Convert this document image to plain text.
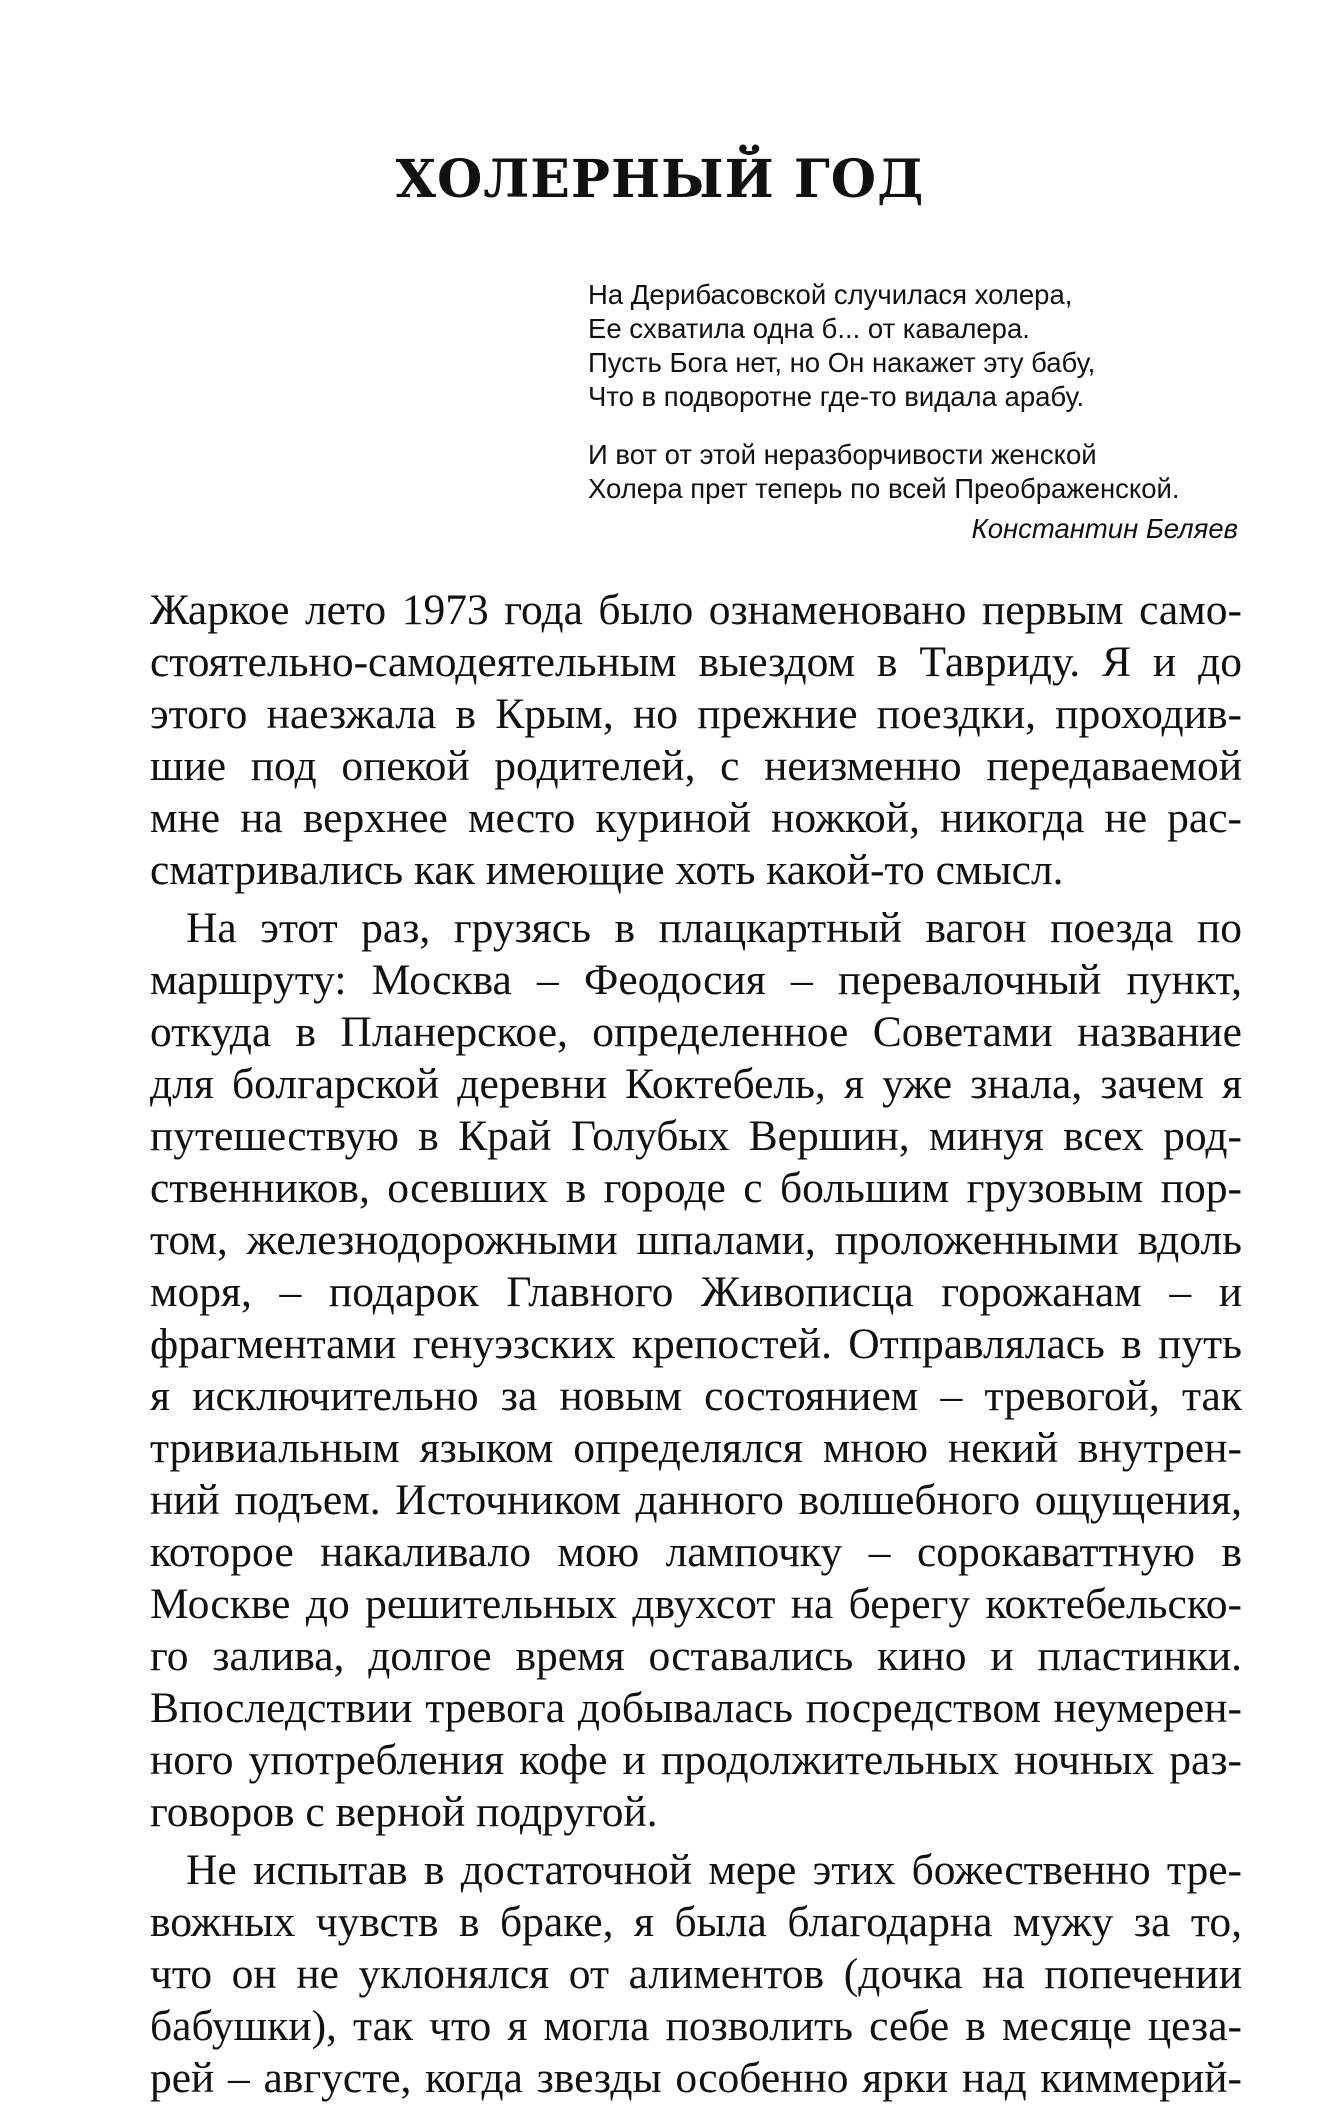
ХОЛЕРНЫЙ ГОД

На Дерибасовской случилася холера,
Ее схватила одна б... от кавалера.
Пусть Бога нет, но Он накажет эту бабу,
Что в подворотне где-то видала арабу.

И вот от этой неразборчивости женской
Холера прет теперь по всей Преображенской.

Константин Беляев

Жаркое лето 1973 года было ознаменовано первым само-
стоятельно-самодеятельным выездом в Тавриду. Я и до
этого наезжала в Крым, но прежние поездки, проходив-
шие под опекой родителей, с неизменно передаваемой
мне на верхнее место куриной ножкой, никогда не рас-
сматривались как имеющие хоть какой-то смысл.

На этот раз, грузясь в плацкартный вагон поезда по
маршруту: Москва – Феодосия – перевалочный пункт,
откуда в Планерское, определенное Советами название
для болгарской деревни Коктебель, я уже знала, зачем я
путешествую в Край Голубых Вершин, минуя всех род-
ственников, осевших в городе с большим грузовым пор-
том, железнодорожными шпалами, проложенными вдоль
моря, – подарок Главного Живописца горожанам – и
фрагментами генуэзских крепостей. Отправлялась в путь
я исключительно за новым состоянием – тревогой, так
тривиальным языком определялся мною некий внутрен-
ний подъем. Источником данного волшебного ощущения,
которое накаливало мою лампочку – сорокаваттную в
Москве до решительных двухсот на берегу коктебельско-
го залива, долгое время оставались кино и пластинки.
Впоследствии тревога добывалась посредством неумерен-
ного употребления кофе и продолжительных ночных раз-
говоров с верной подругой.

Не испытав в достаточной мере этих божественно тре-
вожных чувств в браке, я была благодарна мужу за то,
что он не уклонялся от алиментов (дочка на попечении
бабушки), так что я могла позволить себе в месяце цеза-
рей – августе, когда звезды особенно ярки над киммерий-
